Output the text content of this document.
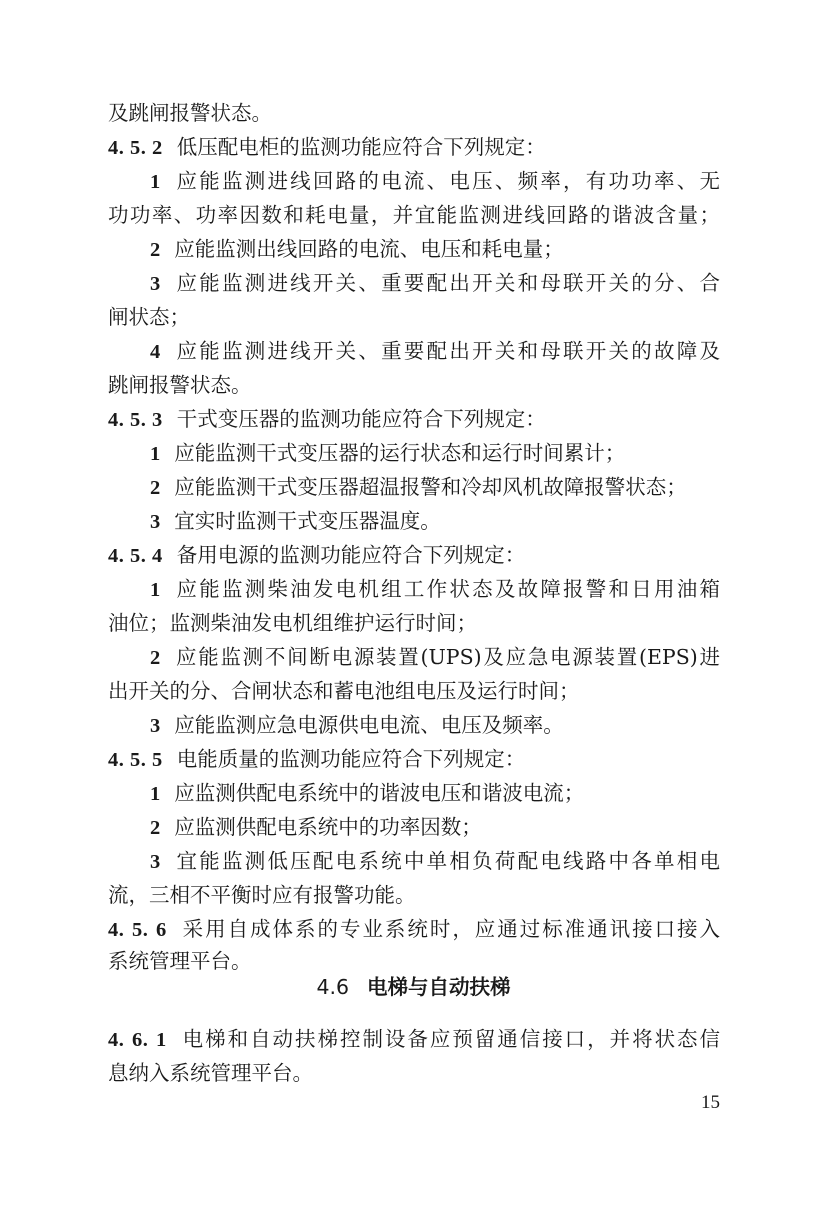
及跳闸报警状态。
4. 5. 2 低压配电柜的监测功能应符合下列规定：
1 应能监测进线回路的电流、电压、频率，有功功率、无
功功率、功率因数和耗电量，并宜能监测进线回路的谐波含量；
2 应能监测出线回路的电流、电压和耗电量；
3 应能监测进线开关、重要配出开关和母联开关的分、合
闸状态；
4 应能监测进线开关、重要配出开关和母联开关的故障及
跳闸报警状态。
4. 5. 3 干式变压器的监测功能应符合下列规定：
1 应能监测干式变压器的运行状态和运行时间累计；
2 应能监测干式变压器超温报警和冷却风机故障报警状态；
3 宜实时监测干式变压器温度。
4. 5. 4 备用电源的监测功能应符合下列规定：
1 应能监测柴油发电机组工作状态及故障报警和日用油箱
油位；监测柴油发电机组维护运行时间；
2 应能监测不间断电源装置(UPS)及应急电源装置(EPS)进
出开关的分、合闸状态和蓄电池组电压及运行时间；
3 应能监测应急电源供电电流、电压及频率。
4. 5. 5 电能质量的监测功能应符合下列规定：
1 应监测供配电系统中的谐波电压和谐波电流；
2 应监测供配电系统中的功率因数；
3 宜能监测低压配电系统中单相负荷配电线路中各单相电
流，三相不平衡时应有报警功能。
4. 5. 6 采用自成体系的专业系统时，应通过标准通讯接口接入
系统管理平台。
4.6 电梯与自动扶梯
4. 6. 1 电梯和自动扶梯控制设备应预留通信接口，并将状态信
息纳入系统管理平台。
15
